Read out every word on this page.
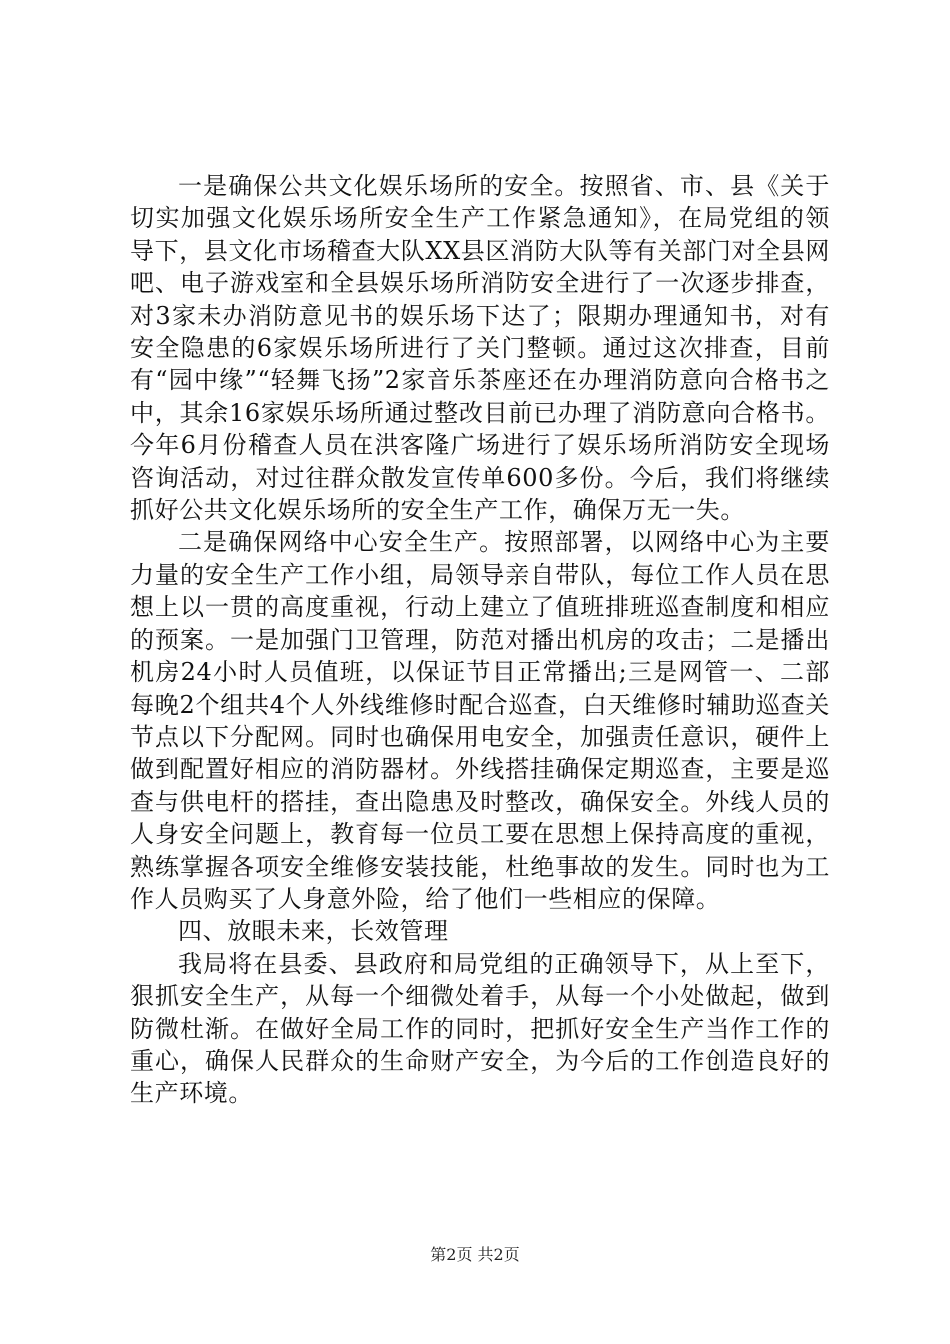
一是确保公共文化娱乐场所的安全。按照省、市、县《关于切实加强文化娱乐场所安全生产工作紧急通知》，在局党组的领导下，县文化市场稽查大队XX县区消防大队等有关部门对全县网吧、电子游戏室和全县娱乐场所消防安全进行了一次逐步排查，对3家未办消防意见书的娱乐场下达了；限期办理通知书，对有安全隐患的6家娱乐场所进行了关门整顿。通过这次排查，目前有“园中缘”“轻舞飞扬”2家音乐茶座还在办理消防意向合格书之中，其余16家娱乐场所通过整改目前已办理了消防意向合格书。今年6月份稽查人员在洪客隆广场进行了娱乐场所消防安全现场咨询活动，对过往群众散发宣传单600多份。今后，我们将继续抓好公共文化娱乐场所的安全生产工作，确保万无一失。

二是确保网络中心安全生产。按照部署，以网络中心为主要力量的安全生产工作小组，局领导亲自带队，每位工作人员在思想上以一贯的高度重视，行动上建立了值班排班巡查制度和相应的预案。一是加强门卫管理，防范对播出机房的攻击；二是播出机房24小时人员值班，以保证节目正常播出;三是网管一、二部每晚2个组共4个人外线维修时配合巡查，白天维修时辅助巡查关节点以下分配网。同时也确保用电安全，加强责任意识，硬件上做到配置好相应的消防器材。外线搭挂确保定期巡查，主要是巡查与供电杆的搭挂，查出隐患及时整改，确保安全。外线人员的人身安全问题上，教育每一位员工要在思想上保持高度的重视，熟练掌握各项安全维修安装技能，杜绝事故的发生。同时也为工作人员购买了人身意外险，给了他们一些相应的保障。

四、放眼未来，长效管理

我局将在县委、县政府和局党组的正确领导下，从上至下，狠抓安全生产，从每一个细微处着手，从每一个小处做起，做到防微杜渐。在做好全局工作的同时，把抓好安全生产当作工作的重心，确保人民群众的生命财产安全，为今后的工作创造良好的生产环境。

第2页 共2页
